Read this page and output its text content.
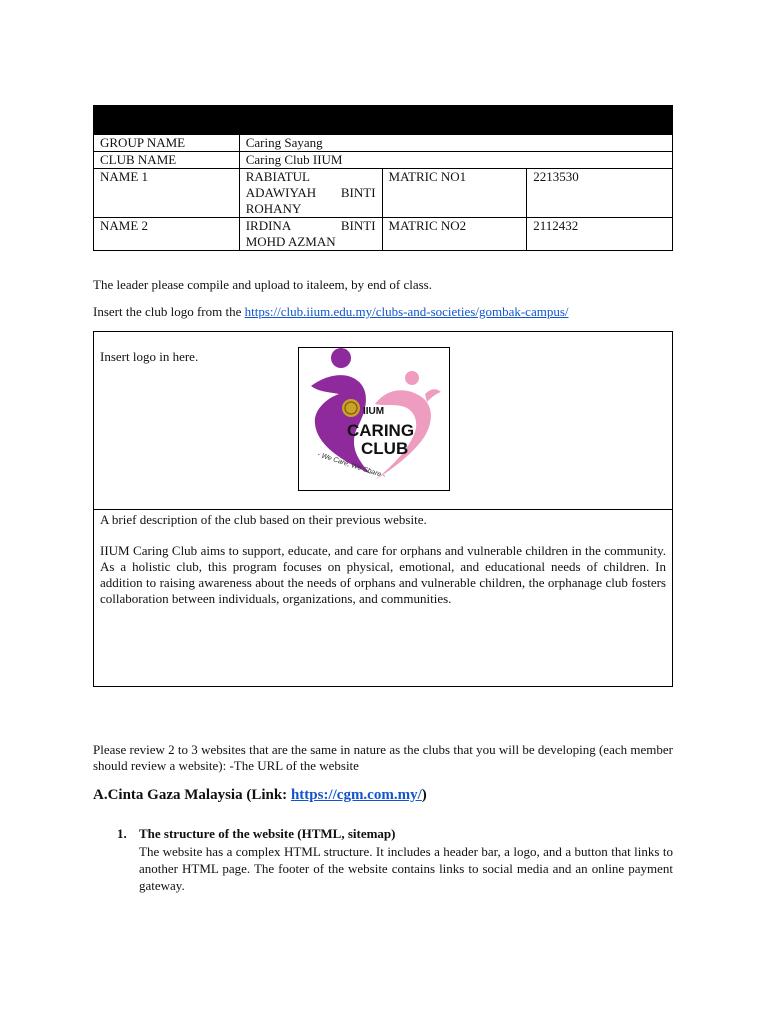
GROUP NAME	Caring Sayang		
CLUB NAME	Caring Club IIUM		
NAME 1	RABIATUL
ADAWIYAH BINTI
ROHANY	MATRIC NO1	2213530
NAME 2	IRDINA BINTI
MOHD AZMAN	MATRIC NO2	2112432
The leader please compile and upload to italeem, by end of class.
Insert the club logo from the https://club.iium.edu.my/clubs-and-societies/gombak-campus/
Insert logo in here.
IIUM
CARING
CLUB
- We Care, We Share -
A brief description of the club based on their previous website.
IIUM Caring Club aims to support, educate, and care for orphans and vulnerable children in the community. As a holistic club, this program focuses on physical, emotional, and educational needs of children. In addition to raising awareness about the needs of orphans and vulnerable children, the orphanage club fosters collaboration between individuals, organizations, and communities.
Please review 2 to 3 websites that are the same in nature as the clubs that you will be developing (each member should review a website): -The URL of the website
A.Cinta Gaza Malaysia (Link: https://cgm.com.my/)
1. The structure of the website (HTML, sitemap)
The website has a complex HTML structure. It includes a header bar, a logo, and a button that links to another HTML page. The footer of the website contains links to social media and an online payment gateway.
